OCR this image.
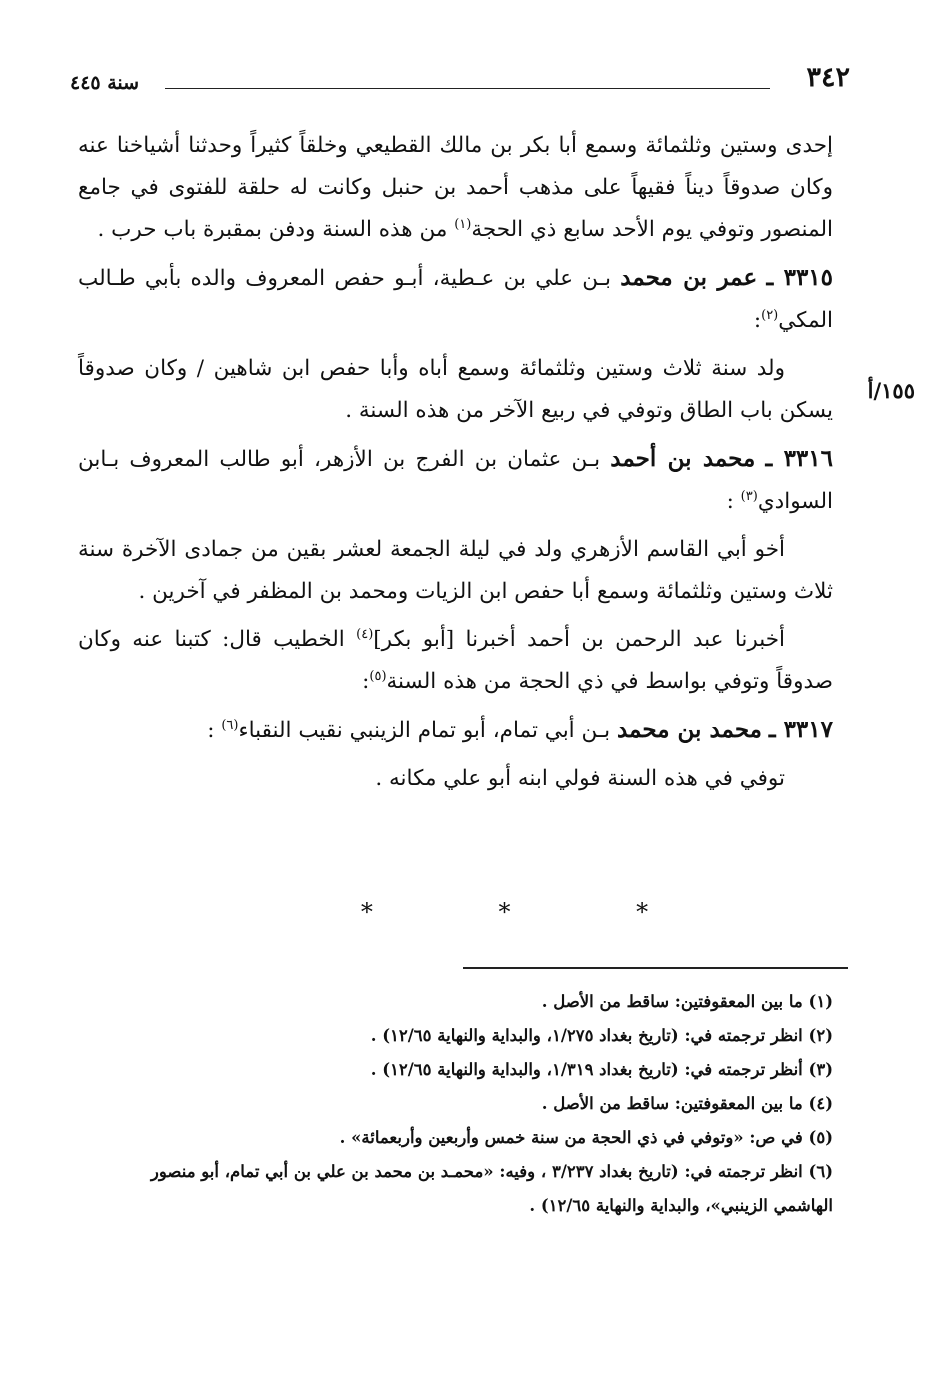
٣٤٢
سنة ٤٤٥
١٥٥/أ

إحدى وستين وثلثمائة وسمع أبا بكر بن مالك القطيعي وخلقاً كثيراً وحدثنا أشياخنا عنه وكان صدوقاً ديناً فقيهاً على مذهب أحمد بن حنبل وكانت له حلقة للفتوى في جامع المنصور وتوفي يوم الأحد سابع ذي الحجة$^{(١)}$ من هذه السنة ودفن بمقبرة باب حرب .

٣٣١٥ ـ عمر بن محمد بـن علي بن عـطية، أبـو حفص المعروف والده بأبي طـالب المكي$^{(٢)}$:

ولد سنة ثلاث وستين وثلثمائة وسمع أباه وأبا حفص ابن شاهين / وكان صدوقاً يسكن باب الطاق وتوفي في ربيع الآخر من هذه السنة .

٣٣١٦ ـ محمد بن أحمد بـن عثمان بن الفرج بن الأزهر، أبو طالب المعروف بـابن السوادي$^{(٣)}$ :

أخو أبي القاسم الأزهري ولد في ليلة الجمعة لعشر بقين من جمادى الآخرة سنة ثلاث وستين وثلثمائة وسمع أبا حفص ابن الزيات ومحمد بن المظفر في آخرين .

أخبرنا عبد الرحمن بن أحمد أخبرنا [أبو بكر]$^{(٤)}$ الخطيب قال: كتبنا عنه وكان صدوقاً وتوفي بواسط في ذي الحجة من هذه السنة$^{(٥)}$:

٣٣١٧ ـ محمد بن محمد بـن أبي تمام، أبو تمام الزينبي نقيب النقباء$^{(٦)}$ :

توفي في هذه السنة فولي ابنه أبو علي مكانه .

*	*	*

(١) ما بين المعقوفتين: ساقط من الأصل .

(٢) انظر ترجمته في: (تاريخ بغداد ١/٢٧٥، والبداية والنهاية ١٢/٦٥) .

(٣) أنظر ترجمته في: (تاريخ بغداد ١/٣١٩، والبداية والنهاية ١٢/٦٥) .

(٤) ما بين المعقوفتين: ساقط من الأصل .

(٥) في ص: «وتوفي في ذي الحجة من سنة خمس وأربعين وأربعمائة» .

(٦) انظر ترجمته في: (تاريخ بغداد ٣/٢٣٧ ، وفيه: «محمـد بن محمد بن علي بن أبي تمام، أبو منصور

الهاشمي الزينبي»، والبداية والنهاية ١٢/٦٥) .
